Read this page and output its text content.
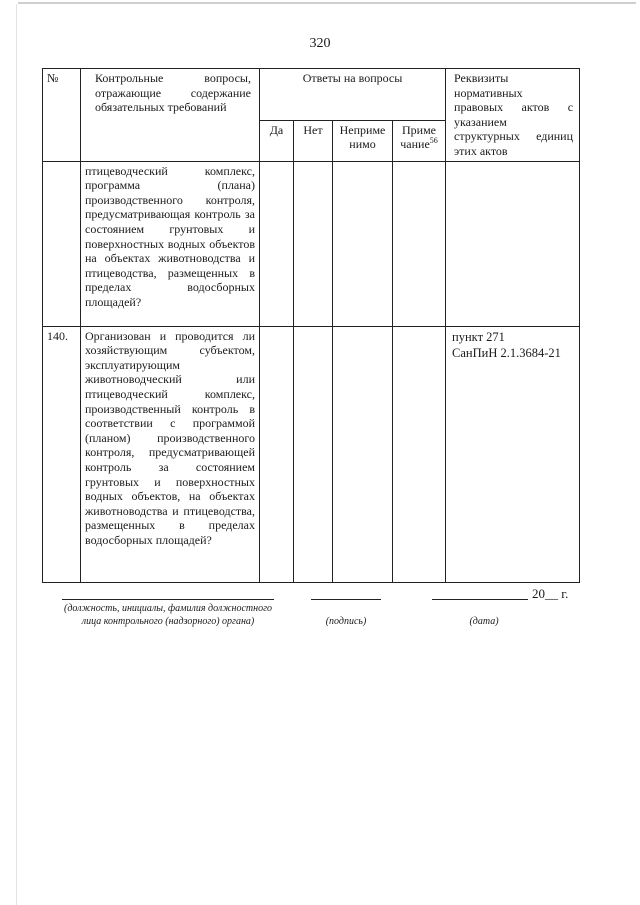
320
№	Контрольные вопросы, отражающие содержание обязательных требований	Ответы на вопросы				Реквизиты нормативных правовых актов с указанием структурных единиц этих актов
		Да	Нет	Неприме нимо	Приме чание$^{56}$
	птицеводческий комплекс, программа (плана) производственного контроля, предусматривающая контроль за состоянием грунтовых и поверхностных водных объектов на объектах животноводства и птицеводства, размещенных в пределах водосборных площадей?					

140.	Организован и проводится ли хозяйствующим субъектом, эксплуатирующим животноводческий или птицеводческий комплекс, производственный контроль в соответствии с программой (планом) производственного контроля, предусматривающей контроль за состоянием грунтовых и поверхностных водных объектов, на объектах животноводства и птицеводства, размещенных в пределах водосборных площадей?					пункт 271
СанПиН 2.1.3684-21
(должность, инициалы, фамилия должностного
лица контрольного (надзорного) органа)	(подпись)
20__ г.
(дата)
